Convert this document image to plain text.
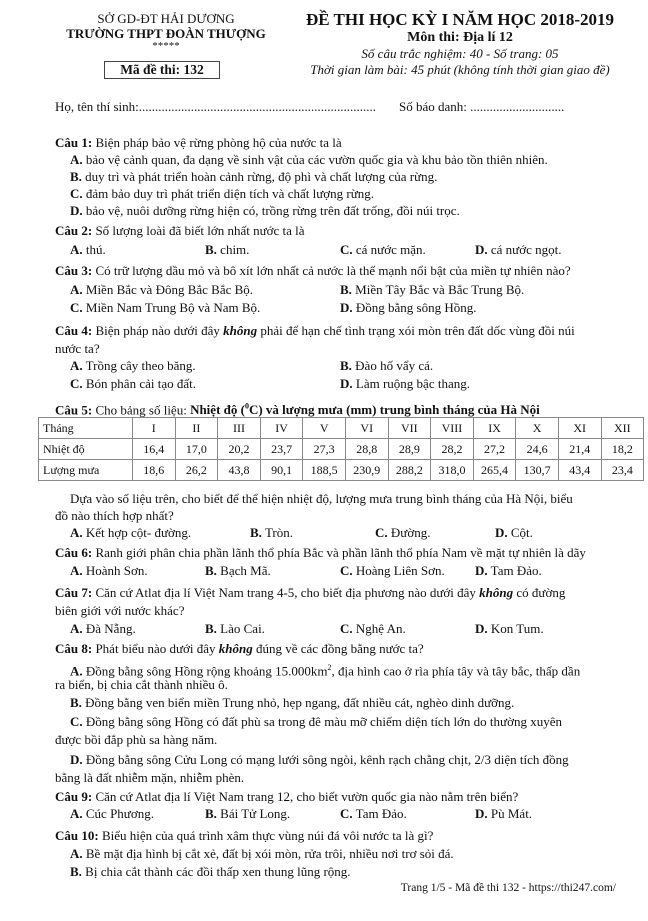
SỞ GD-ĐT HẢI DƯƠNG
TRƯỜNG THPT ĐOÀN THƯỢNG
*****
Mã đề thi: 132
ĐỀ THI HỌC KỲ I NĂM HỌC 2018-2019
Môn thi: Địa lí 12
Số câu trắc nghiệm: 40 - Số trang: 05
Thời gian làm bài: 45 phút (không tính thời gian giao đề)
Họ, tên thí sinh:......................................................................... Số báo danh: .............................
Câu 1: Biện pháp bảo vệ rừng phòng hộ của nước ta là
A. bảo vệ cảnh quan, đa dạng về sinh vật của các vườn quốc gia và khu bảo tồn thiên nhiên.
B. duy trì và phát triển hoàn cảnh rừng, độ phì và chất lượng của rừng.
C. đảm bảo duy trì phát triển diện tích và chất lượng rừng.
D. bảo vệ, nuôi dưỡng rừng hiện có, trồng rừng trên đất trống, đồi núi trọc.
Câu 2: Số lượng loài đã biết lớn nhất nước ta là
A. thú.	B. chim.	C. cá nước mặn.	D. cá nước ngọt.
Câu 3: Có trữ lượng dầu mỏ và bô xít lớn nhất cả nước là thế mạnh nổi bật của miền tự nhiên nào?
A. Miền Bắc và Đông Bắc Bắc Bộ.	B. Miền Tây Bắc và Bắc Trung Bộ.
C. Miền Nam Trung Bộ và Nam Bộ.	D. Đồng bằng sông Hồng.
Câu 4: Biện pháp nào dưới đây không phải để hạn chế tình trạng xói mòn trên đất dốc vùng đồi núi
nước ta?
A. Trồng cây theo băng.	B. Đào hố vẩy cá.
C. Bón phân cải tạo đất.	D. Làm ruộng bậc thang.
Câu 5: Cho bảng số liệu: Nhiệt độ ($^0$C) và lượng mưa (mm) trung bình tháng của Hà Nội
Tháng	I	II	III	IV	V	VI	VII	VIII	IX	X	XI	XII
Nhiệt độ	16,4	17,0	20,2	23,7	27,3	28,8	28,9	28,2	27,2	24,6	21,4	18,2
Lượng mưa	18,6	26,2	43,8	90,1	188,5	230,9	288,2	318,0	265,4	130,7	43,4	23,4
Dựa vào số liệu trên, cho biết để thể hiện nhiệt độ, lượng mưa trung bình tháng của Hà Nội, biểu
đồ nào thích hợp nhất?
A. Kết hợp cột- đường.	B. Tròn.	C. Đường.	D. Cột.
Câu 6: Ranh giới phân chia phần lãnh thổ phía Bắc và phần lãnh thổ phía Nam về mặt tự nhiên là dãy
A. Hoành Sơn.	B. Bạch Mã.	C. Hoàng Liên Sơn. D. Tam Đảo.
Câu 7: Căn cứ Atlat địa lí Việt Nam trang 4-5, cho biết địa phương nào dưới đây không có đường
biên giới với nước khác?
A. Đà Nẵng.	B. Lào Cai.	C. Nghệ An.	D. Kon Tum.
Câu 8: Phát biểu nào dưới đây không đúng về các đồng bằng nước ta?
A. Đồng bằng sông Hồng rộng khoảng $15.000km^2$, địa hình cao ở rìa phía tây và tây bắc, thấp dần
ra biển, bị chia cắt thành nhiều ô.
B. Đồng bằng ven biển miền Trung nhỏ, hẹp ngang, đất nhiều cát, nghèo dinh dưỡng.
C. Đồng bằng sông Hồng có đất phù sa trong đê màu mỡ chiếm diện tích lớn do thường xuyên
được bồi đắp phù sa hàng năm.
D. Đồng bằng sông Cửu Long có mạng lưới sông ngòi, kênh rạch chằng chịt, 2/3 diện tích đồng
bằng là đất nhiễm mặn, nhiễm phèn.
Câu 9: Căn cứ Atlat địa lí Việt Nam trang 12, cho biết vườn quốc gia nào nằm trên biển?
A. Cúc Phương.	B. Bái Tử Long.	C. Tam Đảo.	D. Pù Mát.
Câu 10: Biểu hiện của quá trình xâm thực vùng núi đá vôi nước ta là gì?
A. Bề mặt địa hình bị cắt xẻ, đất bị xói mòn, rửa trôi, nhiều nơi trơ sỏi đá.
B. Bị chia cắt thành các đồi thấp xen thung lũng rộng.
Trang 1/5 - Mã đề thi 132 - https://thi247.com/
